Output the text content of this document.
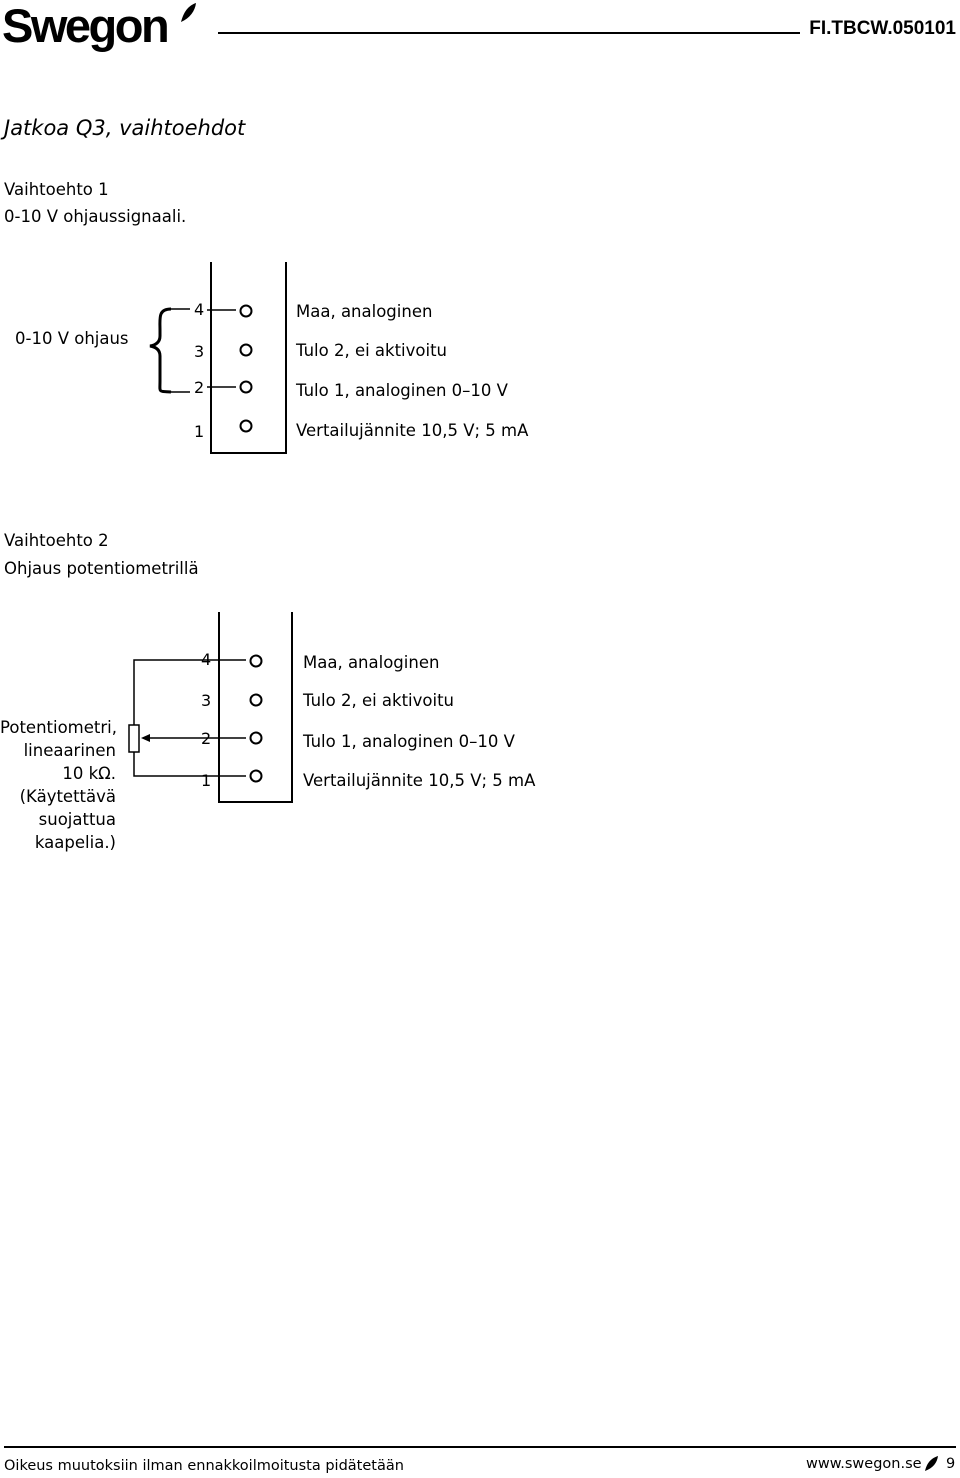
Swegon	FI.TBCW.050101
Jatkoa Q3, vaihtoehdot
Vaihtoehto 1
0-10 V ohjaussignaali.
0-10 V ohjaus
4
3
2
1
Maa, analoginen
Tulo 2, ei aktivoitu
Tulo 1, analoginen 0–10 V
Vertailujännite 10,5 V; 5 mA
Vaihtoehto 2
Ohjaus potentiometrillä
Potentiometri,
lineaarinen
10 kΩ.
(Käytettävä
suojattua
kaapelia.)
4
3
2
1
Maa, analoginen
Tulo 2, ei aktivoitu
Tulo 1, analoginen 0–10 V
Vertailujännite 10,5 V; 5 mA
Oikeus muutoksiin ilman ennakkoilmoitusta pidätetään	www.swegon.se 9
